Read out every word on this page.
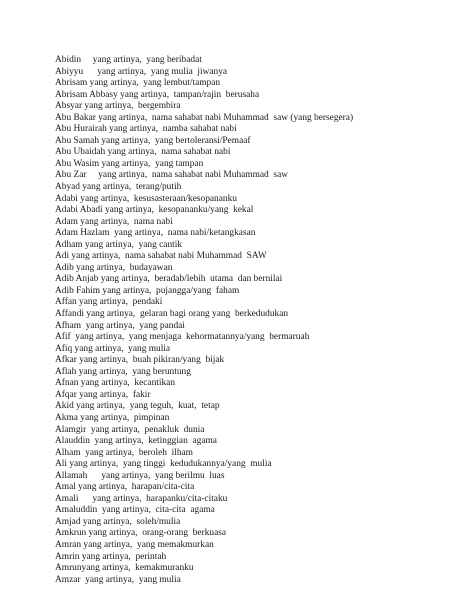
Abidin     yang artinya,  yang beribadat
Abiyyu      yang artinya,  yang mulia  jiwanya
Abrisam yang artinya,  yang lembut/tampan
Abrisam Abbasy yang artinya,  tampan/rajin  berusaha
Absyar yang artinya,  bergembira
Abu Bakar yang artinya,  nama sahabat nabi Muhammad  saw (yang bersegera)
Abu Hurairah yang artinya,  namba sahabat nabi
Abu Samah yang artinya,  yang bertoleransi/Pemaaf
Abu Ubaidah yang artinya,  nama sahabat nabi
Abu Wasim yang artinya,  yang tampan
Abu Zar     yang artinya,  nama sahabat nabi Muhammad  saw
Abyad yang artinya,  terang/putih
Adabi yang artinya,  kesusasteraan/kesopananku
Adabi Abadi yang artinya,  kesopananku/yang  kekal
Adam yang artinya,  nama nabi
Adam Hazlam  yang artinya,  nama nabi/ketangkasan
Adham yang artinya,  yang cantik
Adi yang artinya,  nama sahabat nabi Muhammad  SAW
Adib yang artinya,  budayawan
Adib Anjab yang artinya,  beradab/lebih  utama  dan bernilai
Adib Fahim yang artinya,  pujangga/yang  faham
Affan yang artinya,  pendaki
Affandi yang artinya,  gelaran bagi orang yang  berkedudukan
Afham  yang artinya,  yang pandai
Afif  yang artinya,  yang menjaga  kehormatannya/yang  bermaruah
Afiq yang artinya,  yang mulia
Afkar yang artinya,  buah pikiran/yang  bijak
Aflah yang artinya,  yang beruntung
Afnan yang artinya,  kecantikan
Afqar yang artinya,  fakir
Akid yang artinya,  yang teguh,  kuat,  tetap
Akma yang artinya,  pimpinan
Alamgir  yang artinya,  penakluk  dunia
Alauddin  yang artinya,  ketinggian  agama
Alham  yang artinya,  beroleh  ilham
Ali yang artinya,  yang tinggi  kedudukannya/yang  mulia
Allamah      yang artinya,  yang berilmu  luas
Amal yang artinya,  harapan/cita-cita
Amali      yang artinya,  harapanku/cita-citaku
Amaluddin  yang artinya,  cita-cita  agama
Amjad yang artinya,  soleh/mulia
Amkrun yang artinya,  orang-orang  berkuasa
Amran yang artinya,  yang memakmurkan
Amrin yang artinya,  perintah
Amrunyang artinya,  kemakmuranku
Amzar  yang artinya,  yang mulia
